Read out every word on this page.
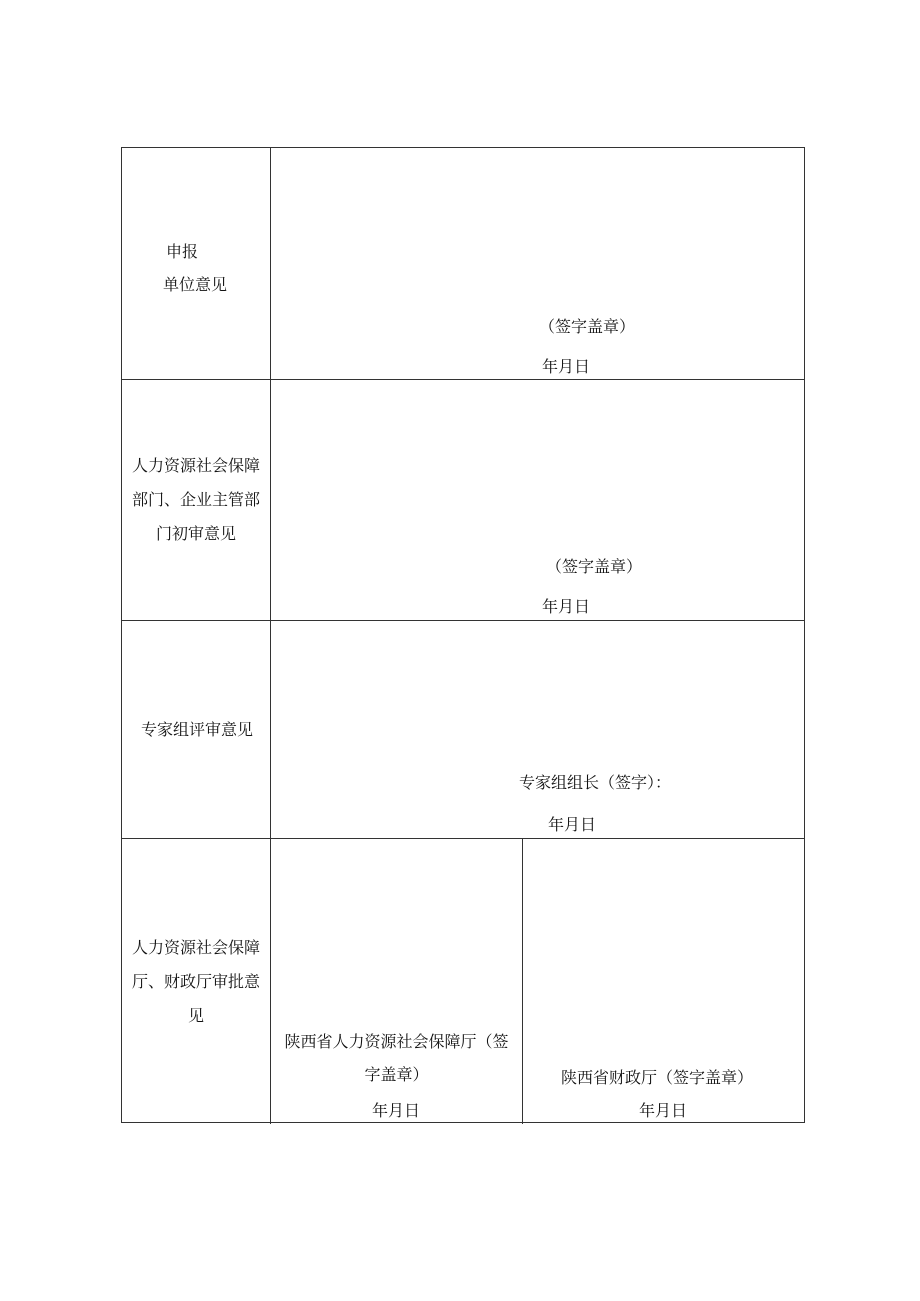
申报
单位意见
（签字盖章）
年月日
人力资源社会保障
部门、企业主管部
门初审意见
（签字盖章）
年月日
专家组评审意见
专家组组长（签字）：
年月日
人力资源社会保障
厅、财政厅审批意
见
陕西省人力资源社会保障厅（签
字盖章）
年月日
陕西省财政厅（签字盖章）
年月日
